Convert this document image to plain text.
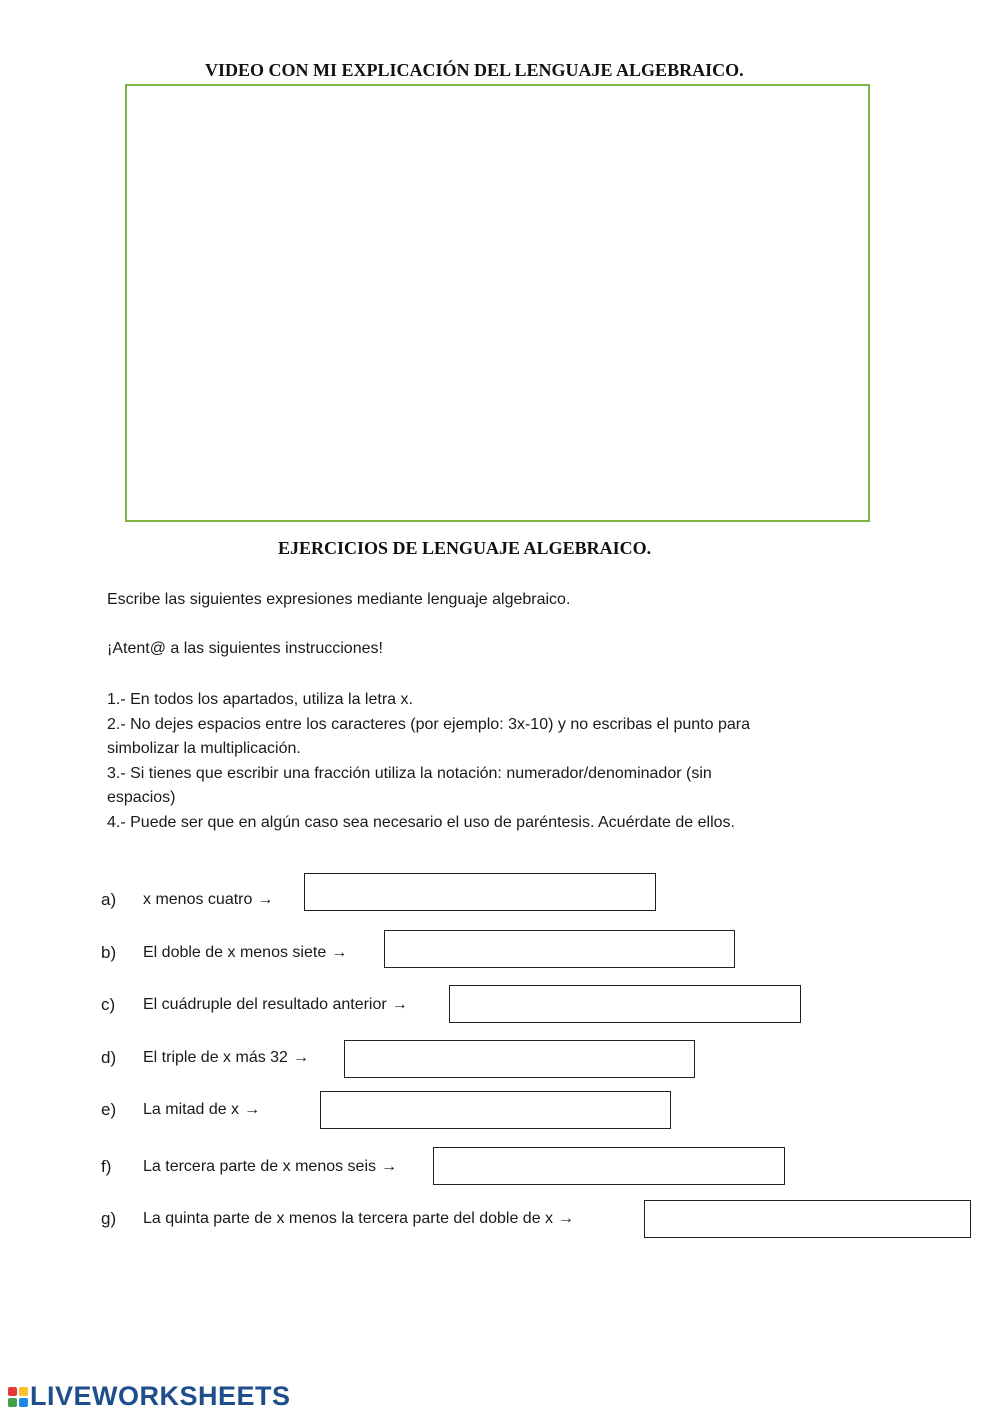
VIDEO CON MI EXPLICACIÓN DEL LENGUAJE ALGEBRAICO.
EJERCICIOS DE LENGUAJE ALGEBRAICO.
Escribe las siguientes expresiones mediante lenguaje algebraico.
¡Atent@ a las siguientes instrucciones!
1.- En todos los apartados, utiliza la letra x.
2.- No dejes espacios entre los caracteres (por ejemplo: 3x-10) y no escribas el punto para
simbolizar la multiplicación.
3.- Si tienes que escribir una fracción utiliza la notación: numerador/denominador (sin
espacios)
4.- Puede ser que en algún caso sea necesario el uso de paréntesis. Acuérdate de ellos.
a) x menos cuatro →
b) El doble de x menos siete →
c) El cuádruple del resultado anterior →
d) El triple de x más 32 →
e) La mitad de x →
f) La tercera parte de x menos seis →
g) La quinta parte de x menos la tercera parte del doble de x →
LIVEWORKSHEETS
